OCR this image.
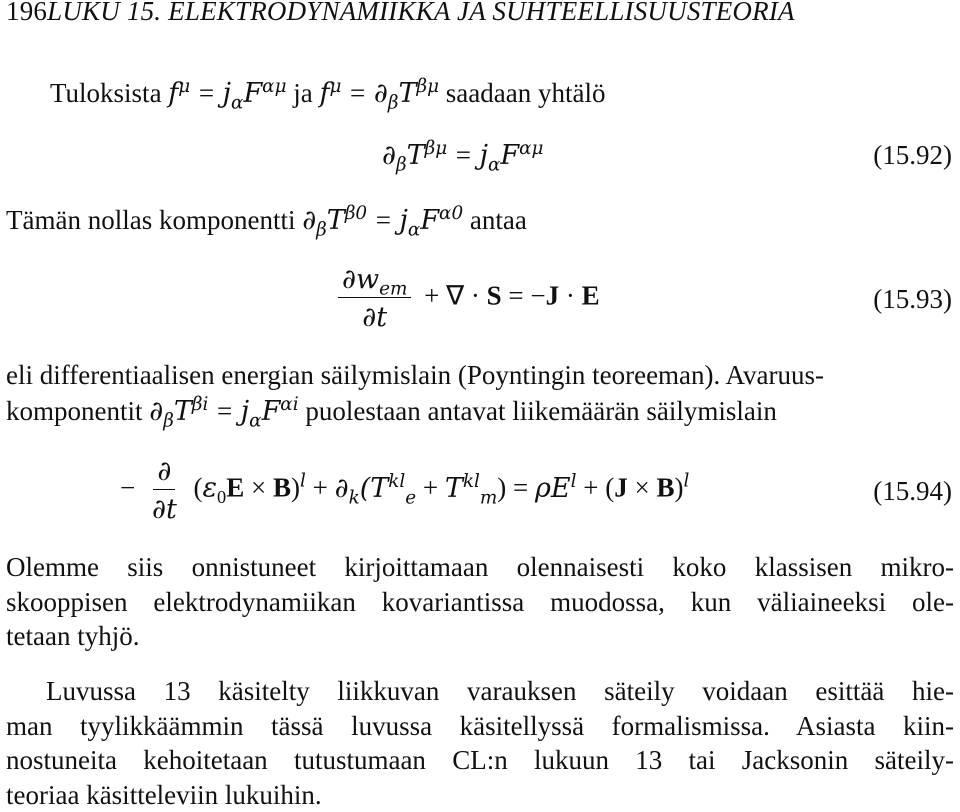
196LUKU 15. ELEKTRODYNAMIIKKA JA SUHTEELLISUUSTEORIA
Tuloksista $f^\mu = j_\alpha F^{\alpha\mu}$ ja $f^\mu = \partial_\beta T^{\beta\mu}$ saadaan yhtälö
$\partial_\beta T^{\beta\mu} = j_\alpha F^{\alpha\mu}$	(15.92)
Tämän nollas komponentti $\partial_\beta T^{\beta 0} = j_\alpha F^{\alpha 0}$ antaa
$\frac{\partial w_{em}}{\partial t}$ + ∇ · S = −J · E	(15.93)
eli differentiaalisen energian säilymislain (Poyntingin teoreeman). Avaruus-
komponentit $\partial_\beta T^{\beta i} = j_\alpha F^{\alpha i}$ puolestaan antavat liikemäärän säilymislain
− $\frac{\partial}{\partial t} (\varepsilon_0E \times B)^l + \partial_k(T^{kl}_e + T^{kl}_m) = \rho E^l + (J \times B)^l$	(15.94)
Olemme siis onnistuneet kirjoittamaan olennaisesti koko klassisen mikro-
skooppisen elektrodynamiikan kovariantissa muodossa, kun väliaineeksi ole-
tetaan tyhjö.
Luvussa 13 käsitelty liikkuvan varauksen säteily voidaan esittää hie-
man tyylikkäämmin tässä luvussa käsitellyssä formalismissa. Asiasta kiin-
nostuneita kehoitetaan tutustumaan CL:n lukuun 13 tai Jacksonin säteily-
teoriaa käsitteleviin lukuihin.
